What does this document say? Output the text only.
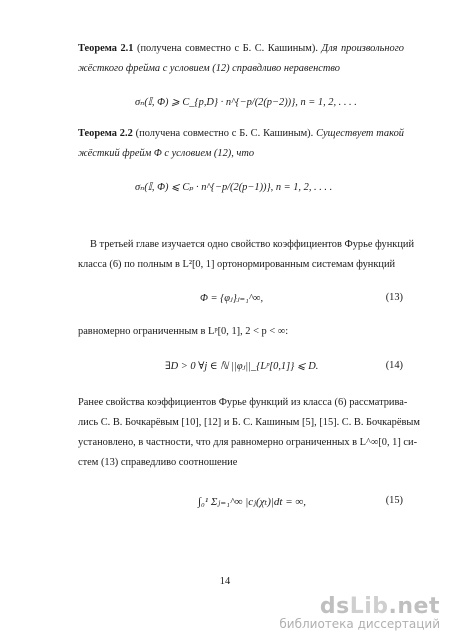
Теорема 2.1 (получена совместно с Б. С. Кашиным). Для произвольного
жёсткого фрейма с условием (12) справдливо неравенство
σₙ(𝕀, Φ) ⩾ C_{p,D} · n^{−p/(2(p−2))}, n = 1, 2, . . . .
Теорема 2.2 (получена совместно с Б. С. Кашиным). Существует такой
жёсткий фрейм Φ с условием (12), что
σₙ(𝕀, Φ) ⩽ Cₚ · n^{−p/(2(p−1))}, n = 1, 2, . . . .
В третьей главе изучается одно свойство коэффициентов Фурье функций
класса (6) по полным в L²[0, 1] ортонормированным системам функций
Φ = {φⱼ}ⱼ₌₁^∞,	(13)
равномерно ограниченным в Lᵖ[0, 1], 2 < p < ∞:
∃D > 0 ∀j ∈ ℕ ||φⱼ||_{Lᵖ[0,1]} ⩽ D.	(14)
Ранее свойства коэффициентов Фурье функций из класса (6) рассматрива-
лись С. В. Бочкарёвым [10], [12] и Б. С. Кашиным [5], [15]. С. В. Бочкарёвым
установлено, в частности, что для равномерно ограниченных в L^∞[0, 1] си-
стем (13) справедливо соотношение
∫₀¹ Σⱼ₌₁^∞ |cⱼ(χₜ)|dt = ∞,	(15)
14
dsLib.net
библиотека диссертаций
